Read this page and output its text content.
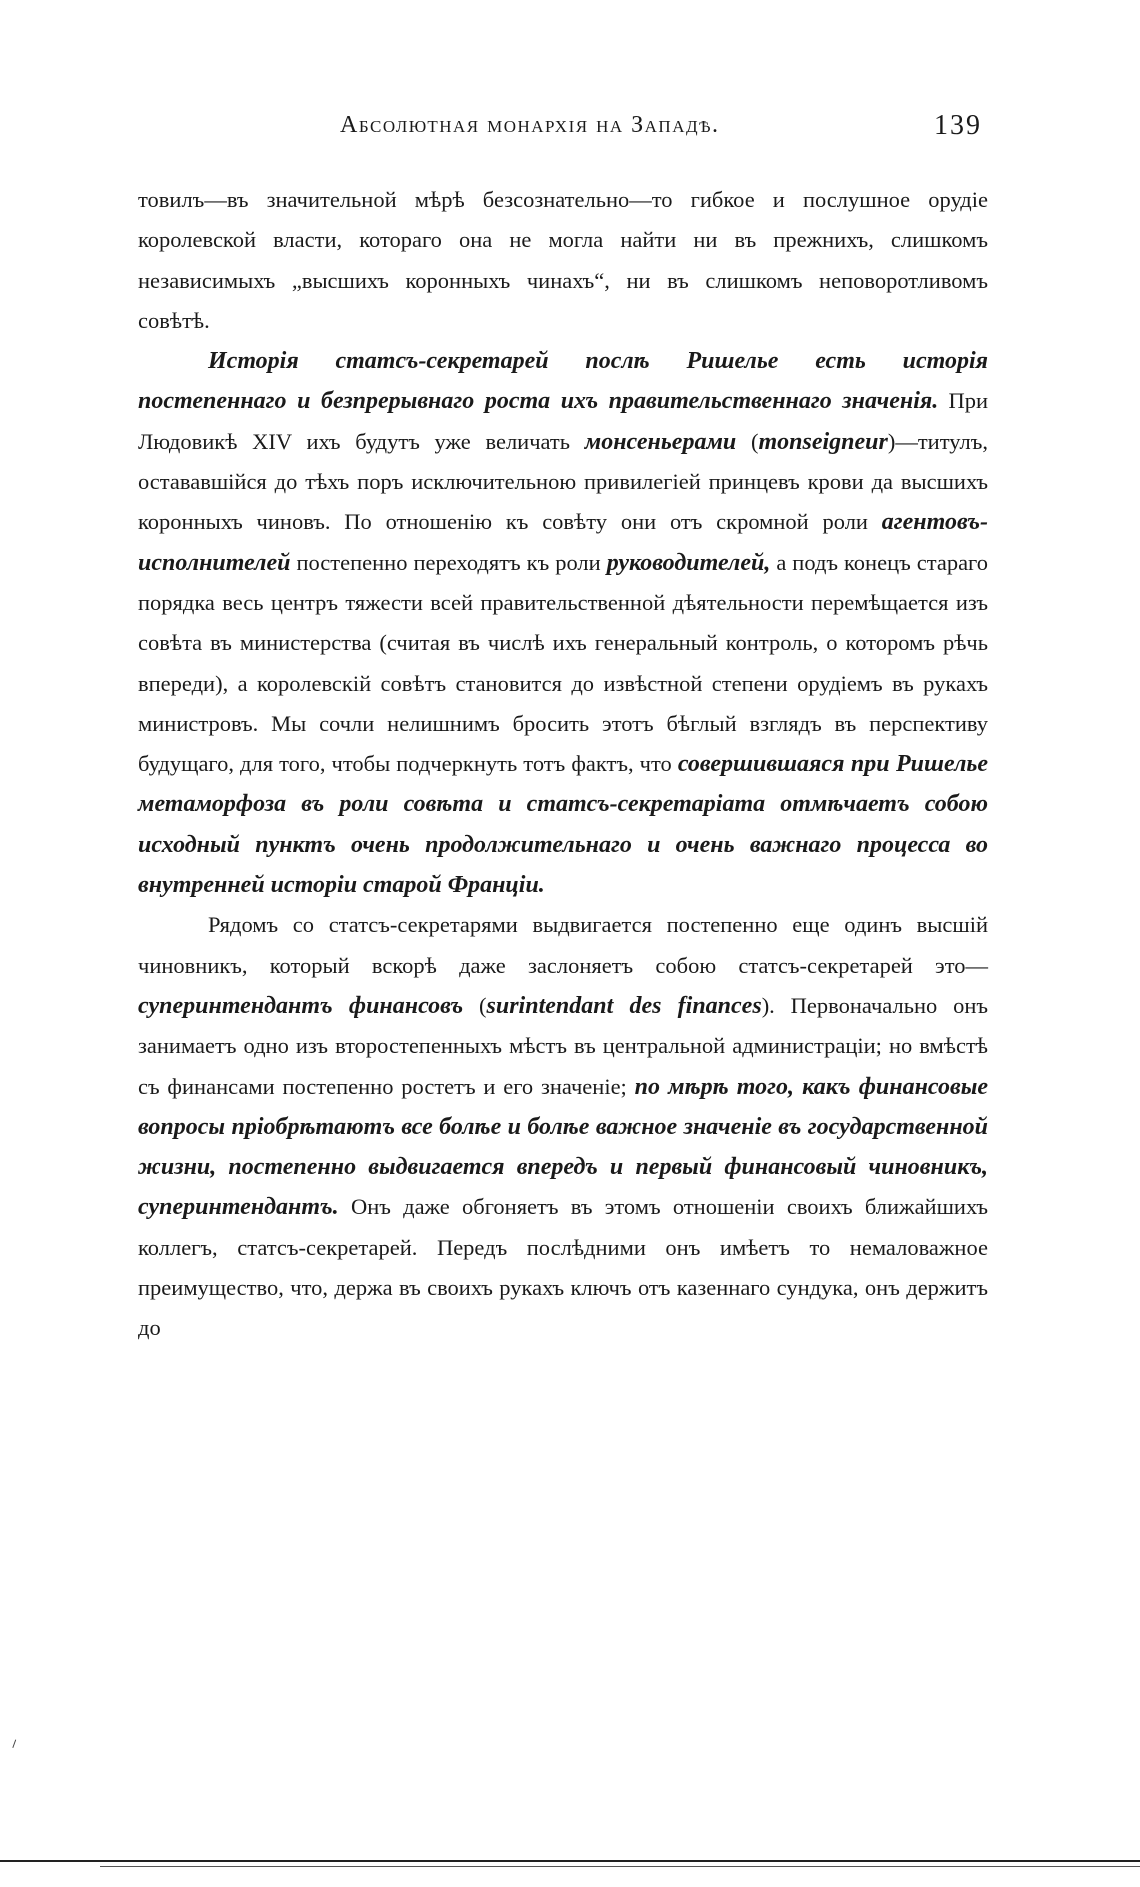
Абсолютная монархія на Западѣ.	139

товилъ—въ значительной мѣрѣ безсознательно—то гибкое и послушное орудіе королевской власти, котораго она не могла найти ни въ прежнихъ, слишкомъ независимыхъ „высшихъ коронныхъ чинахъ“, ни въ слишкомъ неповоротливомъ совѣтѣ.

Исторія статсъ-секретарей послѣ Ришелье есть исторія постепеннаго и безпрерывнаго роста ихъ правительственнаго значенія. При Людовикѣ XIV ихъ будутъ уже величать монсеньерами (monseigneur)—титулъ, остававшійся до тѣхъ поръ исключительною привилегіей принцевъ крови да высшихъ коронныхъ чиновъ. По отношенію къ совѣту они отъ скромной роли агентовъ-исполнителей постепенно переходятъ къ роли руководителей, а подъ конецъ стараго порядка весь центръ тяжести всей правительственной дѣятельности перемѣщается изъ совѣта въ министерства (считая въ числѣ ихъ генеральный контроль, о которомъ рѣчь впереди), а королевскій совѣтъ становится до извѣстной степени орудіемъ въ рукахъ министровъ. Мы сочли нелишнимъ бросить этотъ бѣглый взглядъ въ перспективу будущаго, для того, чтобы подчеркнуть тотъ фактъ, что совершившаяся при Ришелье метаморфоза въ роли совѣта и статсъ-секретаріата отмѣчаетъ собою исходный пунктъ очень продолжительнаго и очень важнаго процесса во внутренней исторіи старой Франціи.

Рядомъ со статсъ-секретарями выдвигается постепенно еще одинъ высшій чиновникъ, который вскорѣ даже заслоняетъ собою статсъ-секретарей это—суперинтендантъ финансовъ (surintendant des finances). Первоначально онъ занимаетъ одно изъ второстепенныхъ мѣстъ въ центральной администраціи; но вмѣстѣ съ финансами постепенно ростетъ и его значеніе; по мѣрѣ того, какъ финансовые вопросы пріобрѣтаютъ все болѣе и болѣе важное значеніе въ государственной жизни, постепенно выдвигается впередъ и первый финансовый чиновникъ, суперинтендантъ. Онъ даже обгоняетъ въ этомъ отношеніи своихъ ближайшихъ коллегъ, статсъ-секретарей. Передъ послѣдними онъ имѣетъ то немаловажное преимущество, что, держа въ своихъ рукахъ ключъ отъ казеннаго сундука, онъ держитъ до

⸝
